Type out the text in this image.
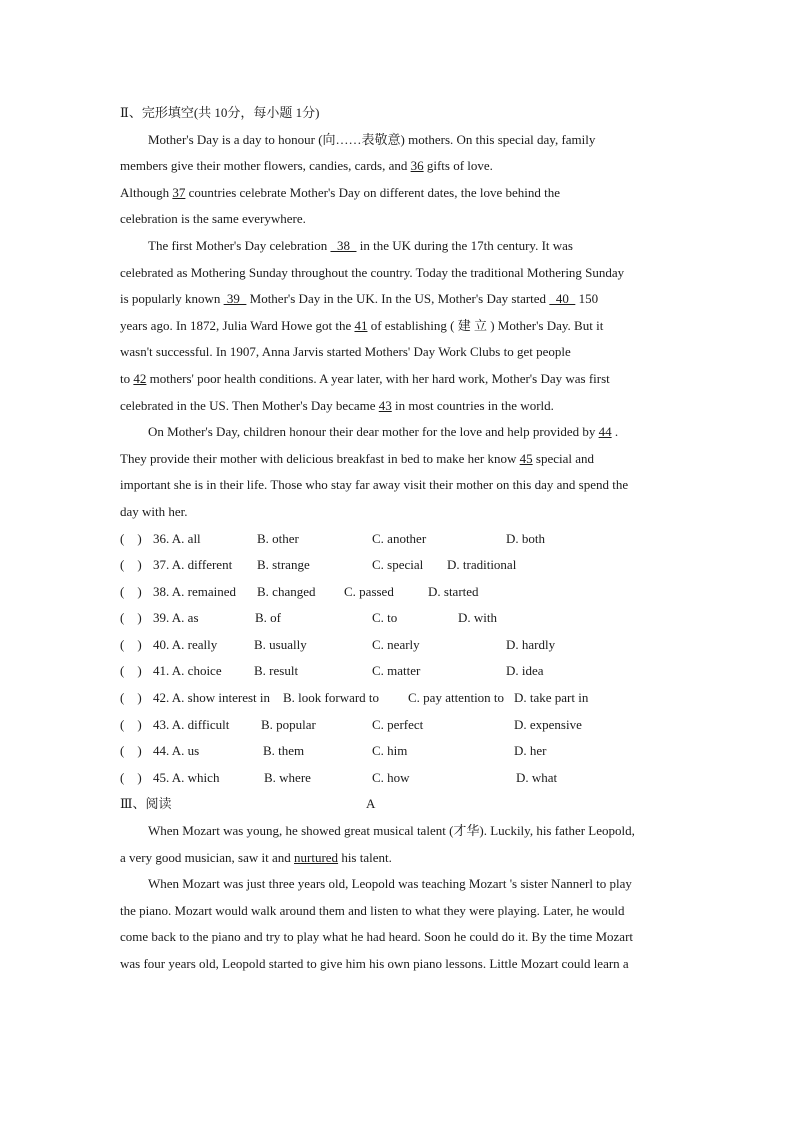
Ⅱ、完形填空(共 10分，每小题 1分)
Mother's Day is a day to honour (向……表敬意) mothers. On this special day, family
members give their mother flowers, candies, cards, and 36 gifts of love.
Although 37 countries celebrate Mother's Day on different dates, the love behind the
celebration is the same everywhere.
The first Mother's Day celebration   38   in the UK during the 17th century. It was
celebrated as Mothering Sunday throughout the country. Today the traditional Mothering Sunday
is popularly known  39   Mother's Day in the UK. In the US, Mother's Day started   40   150
years ago. In 1872, Julia Ward Howe got the 41 of establishing ( 建 立 ) Mother's Day. But it
wasn't successful. In 1907, Anna Jarvis started Mothers' Day Work Clubs to get people
to 42 mothers' poor health conditions. A year later, with her hard work, Mother's Day was first
celebrated in the US. Then Mother's Day became 43 in most countries in the world.
On Mother's Day, children honour their dear mother for the love and help provided by 44 .
They provide their mother with delicious breakfast in bed to make her know 45 special and
important she is in their life. Those who stay far away visit their mother on this day and spend the
day with her.
(    ) 36. A. all	B. other	C. another	D. both
(    ) 37. A. different B. strange	C. special D. traditional
(    ) 38. A. remained B. changed C. passed	D. started
(    ) 39. A. as	B. of	C. to	D. with
(    ) 40. A. really	B. usually	C. nearly	D. hardly
(    ) 41. A. choice B. result	C. matter	D. idea
(    ) 42. A. show interest in B. look forward to C. pay attention to D. take part in
(    ) 43. A. difficult B. popular	C. perfect	D. expensive
(    ) 44. A. us	B. them	C. him	D. her
(    ) 45. A. which	B. where	C. how	D. what
Ⅲ、阅读	A
When Mozart was young, he showed great musical talent (才华). Luckily, his father Leopold,
a very good musician, saw it and nurtured his talent.
When Mozart was just three years old, Leopold was teaching Mozart 's sister Nannerl to play
the piano. Mozart would walk around them and listen to what they were playing. Later, he would
come back to the piano and try to play what he had heard. Soon he could do it. By the time Mozart
was four years old, Leopold started to give him his own piano lessons. Little Mozart could learn a
